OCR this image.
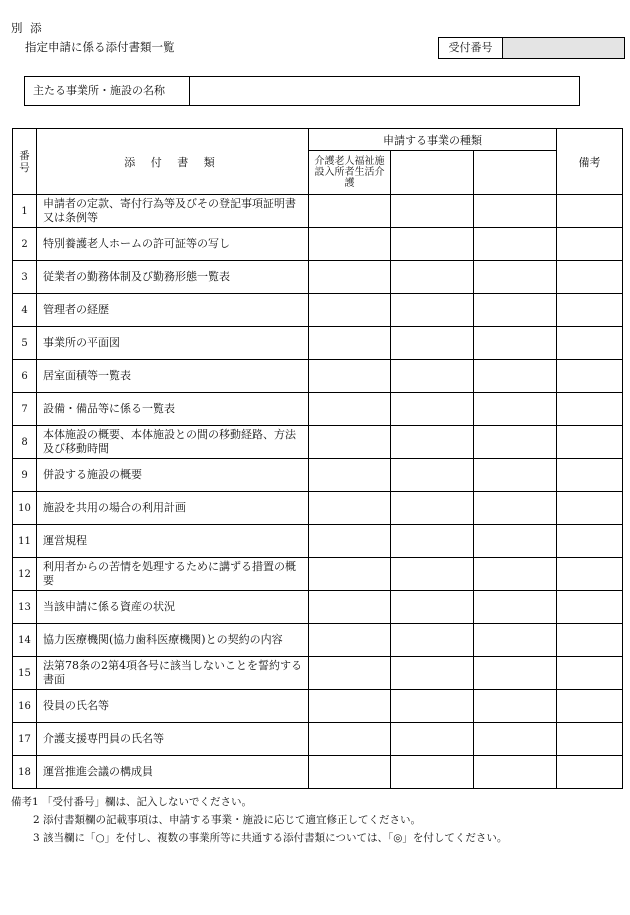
別 添
指定申請に係る添付書類一覧	受付番号
主たる事業所・施設の名称
番号	添 付 書 類	申請する事業の種類			備考
		介護老人福祉施設入所者生活介護			
1	申請者の定款、寄付行為等及びその登記事項証明書又は条例等				
2	特別養護老人ホームの許可証等の写し				
3	従業者の勤務体制及び勤務形態一覧表				
4	管理者の経歴				
5	事業所の平面図				
6	居室面積等一覧表				
7	設備・備品等に係る一覧表				
8	本体施設の概要、本体施設との間の移動経路、方法及び移動時間				
9	併設する施設の概要				
10	施設を共用の場合の利用計画				
11	運営規程				
12	利用者からの苦情を処理するために講ずる措置の概要				
13	当該申請に係る資産の状況				
14	協力医療機関(協力歯科医療機関)との契約の内容				
15	法第78条の2第4項各号に該当しないことを誓約する書面				
16	役員の氏名等				
17	介護支援専門員の氏名等				
18	運営推進会議の構成員				
備考1 「受付番号」欄は、記入しないでください。
2 添付書類欄の記載事項は、申請する事業・施設に応じて適宜修正してください。
3 該当欄に「○」を付し、複数の事業所等に共通する添付書類については、「◎」を付してください。
